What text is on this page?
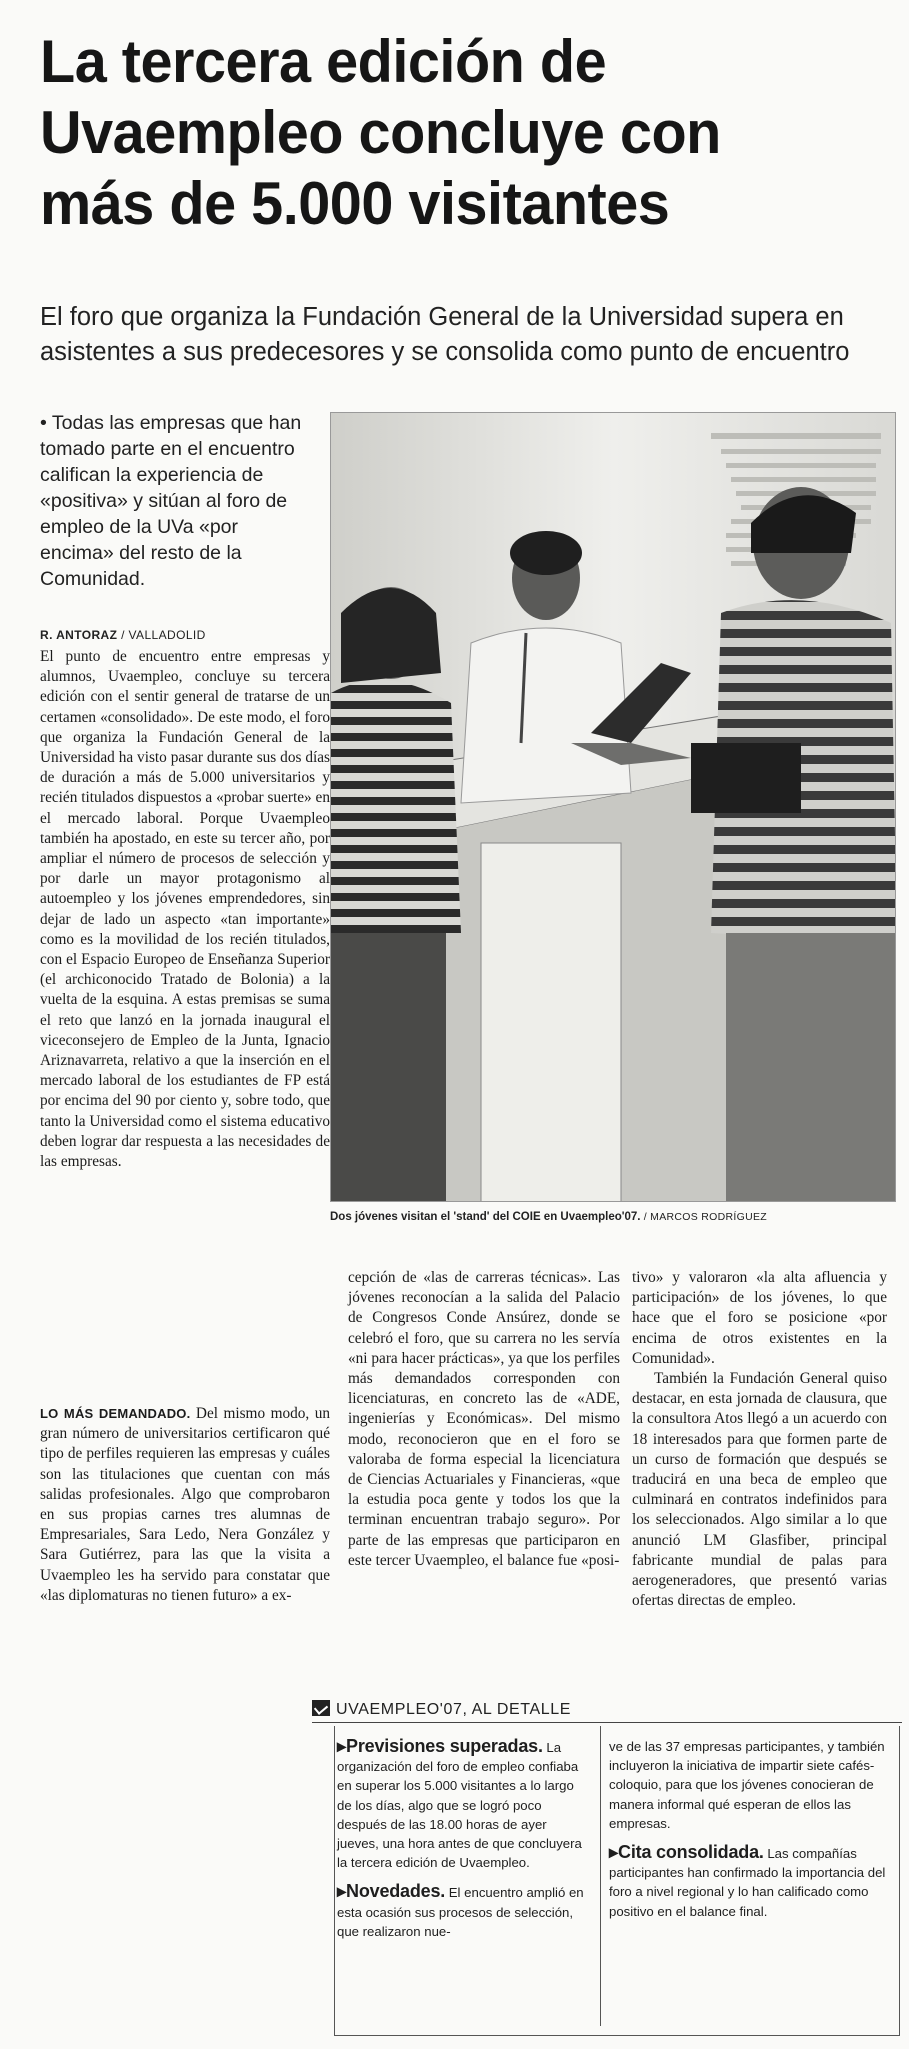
La tercera edición de
Uvaempleo concluye con
más de 5.000 visitantes
El foro que organiza la Fundación General de la Universidad supera en
asistentes a sus predecesores y se consolida como punto de encuentro
• Todas las empresas que han tomado parte en el encuentro califican la experiencia de «positiva» y sitúan al foro de empleo de la UVa «por encima» del resto de la Comunidad.
R. ANTORAZ / VALLADOLID

El punto de encuentro entre empresas y alumnos, Uvaempleo, concluye su tercera edición con el sentir general de tratarse de un certamen «consolidado». De este modo, el foro que organiza la Fundación General de la Universidad ha visto pasar durante sus dos días de duración a más de 5.000 universitarios y recién titulados dispuestos a «probar suerte» en el mercado laboral. Porque Uvaempleo también ha apostado, en este su tercer año, por ampliar el número de procesos de selección y por darle un mayor protagonismo al autoempleo y los jóvenes emprendedores, sin dejar de lado un aspecto «tan importante» como es la movilidad de los recién titulados, con el Espacio Europeo de Enseñanza Superior (el archiconocido Tratado de Bolonia) a la vuelta de la esquina. A estas premisas se suma el reto que lanzó en la jornada inaugural el viceconsejero de Empleo de la Junta, Ignacio Ariznavarreta, relativo a que la inserción en el mercado laboral de los estudiantes de FP está por encima del 90 por ciento y, sobre todo, que tanto la Universidad como el sistema educativo deben lograr dar respuesta a las necesidades de las empresas.

LO MÁS DEMANDADO. Del mismo modo, un gran número de universitarios certificaron qué tipo de perfiles requieren las empresas y cuáles son las titulaciones que cuentan con más salidas profesionales. Algo que comprobaron en sus propias carnes tres alumnas de Empresariales, Sara Ledo, Nera González y Sara Gutiérrez, para las que la visita a Uvaempleo les ha servido para constatar que «las diplomaturas no tienen futuro» a ex-

Dos jóvenes visitan el 'stand' del COIE en Uvaempleo'07. / MARCOS RODRÍGUEZ

cepción de «las de carreras técnicas». Las jóvenes reconocían a la salida del Palacio de Congresos Conde Ansúrez, donde se celebró el foro, que su carrera no les servía «ni para hacer prácticas», ya que los perfiles más demandados corresponden con licenciaturas, en concreto las de «ADE, ingenierías y Económicas». Del mismo modo, reconocieron que en el foro se valoraba de forma especial la licenciatura de Ciencias Actuariales y Financieras, «que la estudia poca gente y todos los que la terminan encuentran trabajo seguro». Por parte de las empresas que participaron en este tercer Uvaempleo, el balance fue «posi-

tivo» y valoraron «la alta afluencia y participación» de los jóvenes, lo que hace que el foro se posicione «por encima de otros existentes en la Comunidad».

También la Fundación General quiso destacar, en esta jornada de clausura, que la consultora Atos llegó a un acuerdo con 18 interesados para que formen parte de un curso de formación que después se traducirá en una beca de empleo que culminará en contratos indefinidos para los seleccionados. Algo similar a lo que anunció LM Glasfiber, principal fabricante mundial de palas para aerogeneradores, que presentó varias ofertas directas de empleo.

UVAEMPLEO'07, AL DETALLE

▸Previsiones superadas. La organización del foro de empleo confiaba en superar los 5.000 visitantes a lo largo de los días, algo que se logró poco después de las 18.00 horas de ayer jueves, una hora antes de que concluyera la tercera edición de Uvaempleo.

▸Novedades. El encuentro amplió en esta ocasión sus procesos de selección, que realizaron nue-

ve de las 37 empresas participantes, y también incluyeron la iniciativa de impartir siete cafés-coloquio, para que los jóvenes conocieran de manera informal qué esperan de ellos las empresas.

▸Cita consolidada. Las compañías participantes han confirmado la importancia del foro a nivel regional y lo han calificado como positivo en el balance final.
